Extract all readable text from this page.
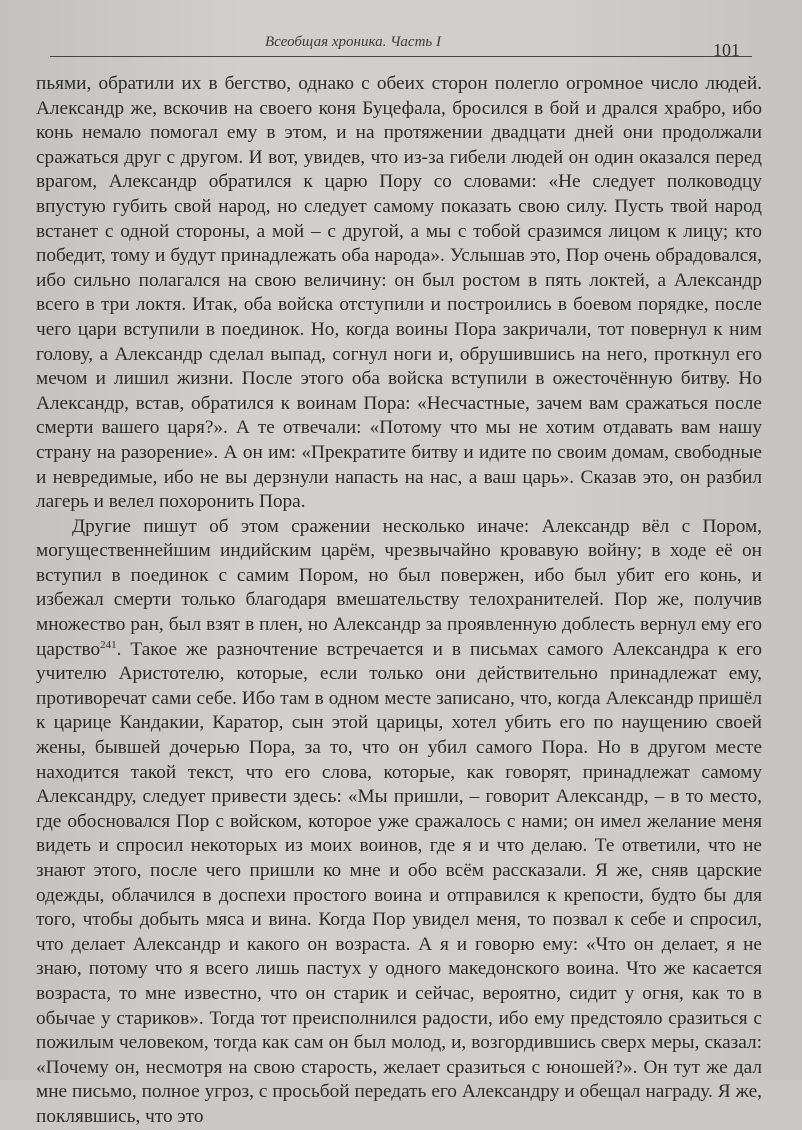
Всеобщая хроника. Часть I	101

пьями, обратили их в бегство, однако с обеих сторон полегло огромное число людей. Александр же, вскочив на своего коня Буцефала, бросился в бой и дрался храбро, ибо конь немало помогал ему в этом, и на протяжении двадцати дней они продолжали сражаться друг с другом. И вот, увидев, что из-за гибели людей он один оказался перед врагом, Александр обратился к царю Пору со словами: «Не следует полководцу впустую губить свой народ, но следует самому показать свою силу. Пусть твой народ встанет с одной стороны, а мой – с другой, а мы с тобой сразимся лицом к лицу; кто победит, тому и будут принадлежать оба народа». Услышав это, Пор очень обрадовался, ибо сильно полагался на свою величину: он был ростом в пять локтей, а Александр всего в три локтя. Итак, оба войска отступили и построились в боевом порядке, после чего цари вступили в поединок. Но, когда воины Пора закричали, тот повернул к ним голову, а Александр сделал выпад, согнул ноги и, обрушившись на него, проткнул его мечом и лишил жизни. После этого оба войска вступили в ожесточённую битву. Но Александр, встав, обратился к воинам Пора: «Несчастные, зачем вам сражаться после смерти вашего царя?». А те отвечали: «Потому что мы не хотим отдавать вам нашу страну на разорение». А он им: «Прекратите битву и идите по своим домам, свободные и невредимые, ибо не вы дерзнули напасть на нас, а ваш царь». Сказав это, он разбил лагерь и велел похоронить Пора.

Другие пишут об этом сражении несколько иначе: Александр вёл с Пором, могущественнейшим индийским царём, чрезвычайно кровавую войну; в ходе её он вступил в поединок с самим Пором, но был повержен, ибо был убит его конь, и избежал смерти только благодаря вмешательству телохранителей. Пор же, получив множество ран, был взят в плен, но Александр за проявленную доблесть вернул ему его царство$^{241}$. Такое же разночтение встречается и в письмах самого Александра к его учителю Аристотелю, которые, если только они действительно принадлежат ему, противоречат сами себе. Ибо там в одном месте записано, что, когда Александр пришёл к царице Кандакии, Каратор, сын этой царицы, хотел убить его по наущению своей жены, бывшей дочерью Пора, за то, что он убил самого Пора. Но в другом месте находится такой текст, что его слова, которые, как говорят, принадлежат самому Александру, следует привести здесь: «Мы пришли, – говорит Александр, – в то место, где обосновался Пор с войском, которое уже сражалось с нами; он имел желание меня видеть и спросил некоторых из моих воинов, где я и что делаю. Те ответили, что не знают этого, после чего пришли ко мне и обо всём рассказали. Я же, сняв царские одежды, облачился в доспехи простого воина и отправился к крепости, будто бы для того, чтобы добыть мяса и вина. Когда Пор увидел меня, то позвал к себе и спросил, что делает Александр и какого он возраста. А я и говорю ему: «Что он делает, я не знаю, потому что я всего лишь пастух у одного македонского воина. Что же касается возраста, то мне известно, что он старик и сейчас, вероятно, сидит у огня, как то в обычае у стариков». Тогда тот преисполнился радости, ибо ему предстояло сразиться с пожилым человеком, тогда как сам он был молод, и, возгордившись сверх меры, сказал: «Почему он, несмотря на свою старость, желает сразиться с юношей?». Он тут же дал мне письмо, полное угроз, с просьбой передать его Александру и обещал награду. Я же, поклявшись, что это
